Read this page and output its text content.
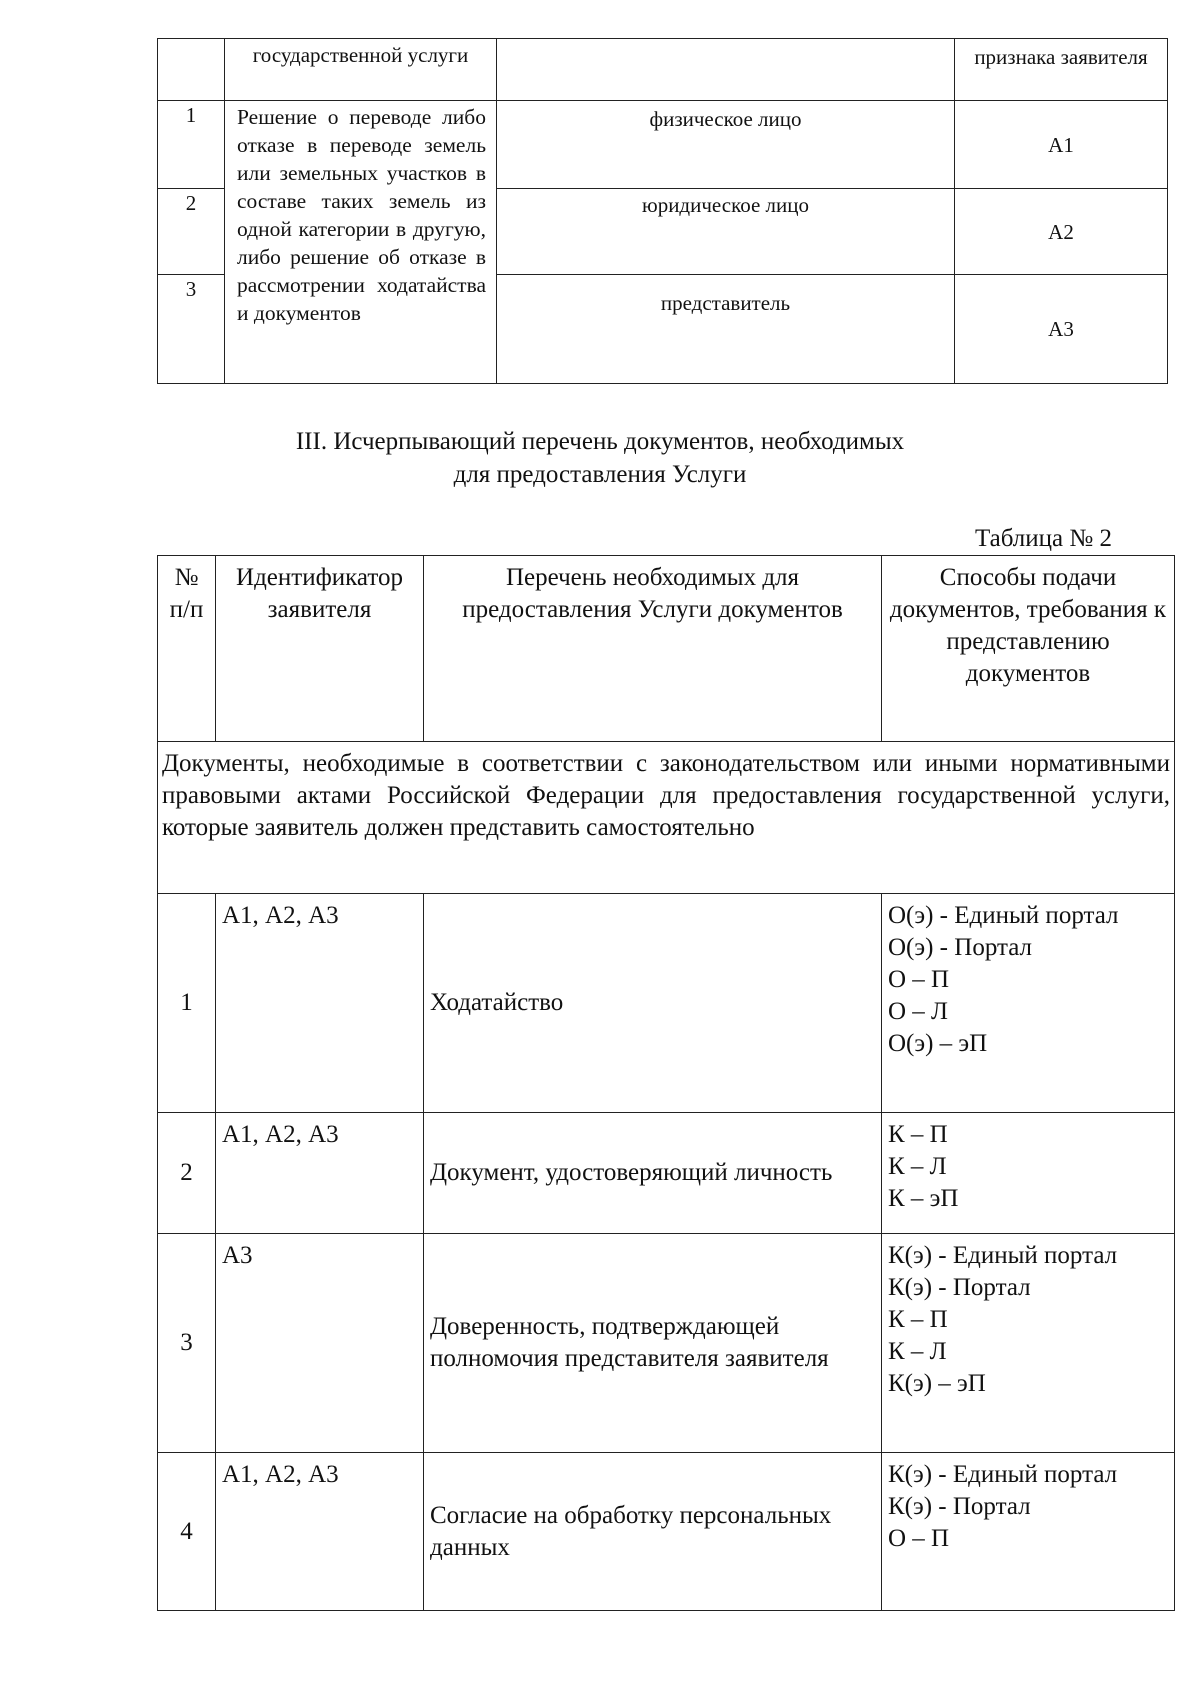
	государственной услуги		признака заявителя
1	Решение о переводе либо отказе в переводе земель или земельных участков в составе таких земель из одной категории в другую, либо решение об отказе в рассмотрении ходатайства и документов	физическое лицо	А1
2		юридическое лицо	А2
3		представитель	А3
III. Исчерпывающий перечень документов, необходимых
для предоставления Услуги
Таблица № 2
№ п/п	Идентификатор заявителя	Перечень необходимых для предоставления Услуги документов	Способы подачи документов, требования к представлению документов
Документы, необходимые в соответствии с законодательством или иными нормативными правовыми актами Российской Федерации для предоставления государственной услуги, которые заявитель должен представить самостоятельно			
1	А1, А2, А3	Ходатайство	О(э) - Единый портал
О(э) - Портал
О – П
О – Л
О(э) – эП

2	А1, А2, А3	Документ, удостоверяющий личность	К – П
К – Л
К – эП

3	А3	Доверенность, подтверждающей полномочия представителя заявителя	К(э) - Единый портал
К(э) - Портал
К – П
К – Л
К(э) – эП

4	А1, А2, А3	Согласие на обработку персональных данных	К(э) - Единый портал
К(э) - Портал
О – П
